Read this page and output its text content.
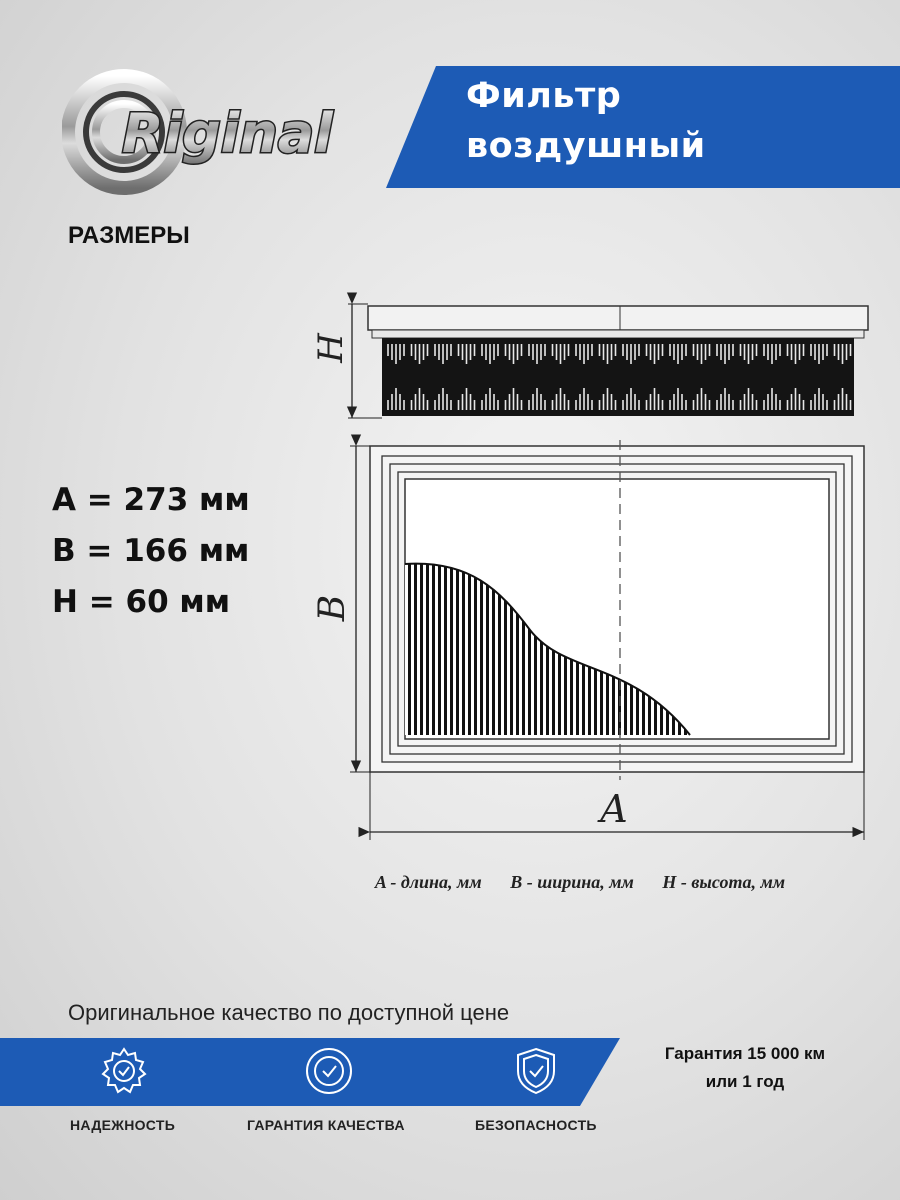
Riginal
Фильтр
воздушный
РАЗМЕРЫ
A = 273 мм
B = 166 мм
H = 60 мм
H
B
A
A - длина, мм B - ширина, мм H - высота, мм
Оригинальное качество по доступной цене
НАДЕЖНОСТЬ	ГАРАНТИЯ КАЧЕСТВА	БЕЗОПАСНОСТЬ
Гарантия 15 000 км
или 1 год
